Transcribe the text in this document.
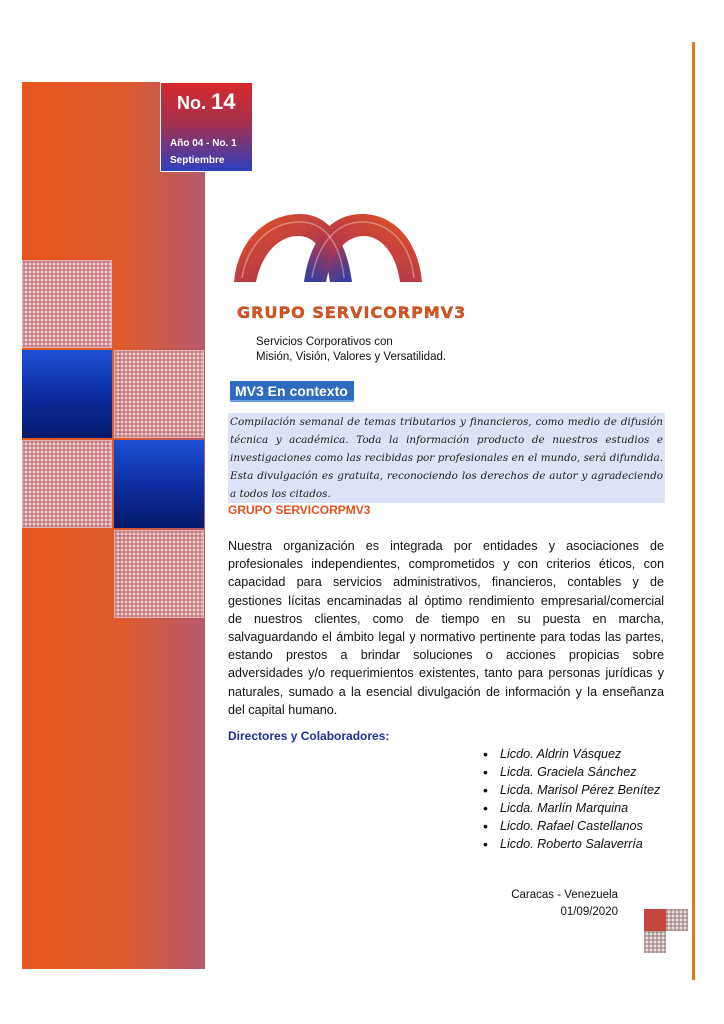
No. 14
Año 04 - No. 1
Septiembre
GRUPO SERVICORPMV3
Servicios Corporativos con
Misión, Visión, Valores y Versatilidad.
MV3 En contexto
Compilación semanal de temas tributarios y financieros, como medio de difusión técnica y académica. Toda la información producto de nuestros estudios e investigaciones como las recibidas por profesionales en el mundo, será difundida. Esta divulgación es gratuita, reconociendo los derechos de autor y agradeciendo a todos los citados.
GRUPO SERVICORPMV3
Nuestra organización es integrada por entidades y asociaciones de profesionales independientes, comprometidos y con criterios éticos, con capacidad para servicios administrativos, financieros, contables y de gestiones lícitas encaminadas al óptimo rendimiento empresarial/comercial de nuestros clientes, como de tiempo en su puesta en marcha, salvaguardando el ámbito legal y normativo pertinente para todas las partes, estando prestos a brindar soluciones o acciones propicias sobre adversidades y/o requerimientos existentes, tanto para personas jurídicas y naturales, sumado a la esencial divulgación de información y la enseñanza del capital humano.
Directores y Colaboradores:
• Licdo. Aldrin Vásquez
• Licda. Graciela Sánchez
• Licda. Marisol Pérez Benítez
• Licda. Marlín Marquina
• Licdo. Rafael Castellanos
• Licdo. Roberto Salaverría
Caracas - Venezuela
01/09/2020
